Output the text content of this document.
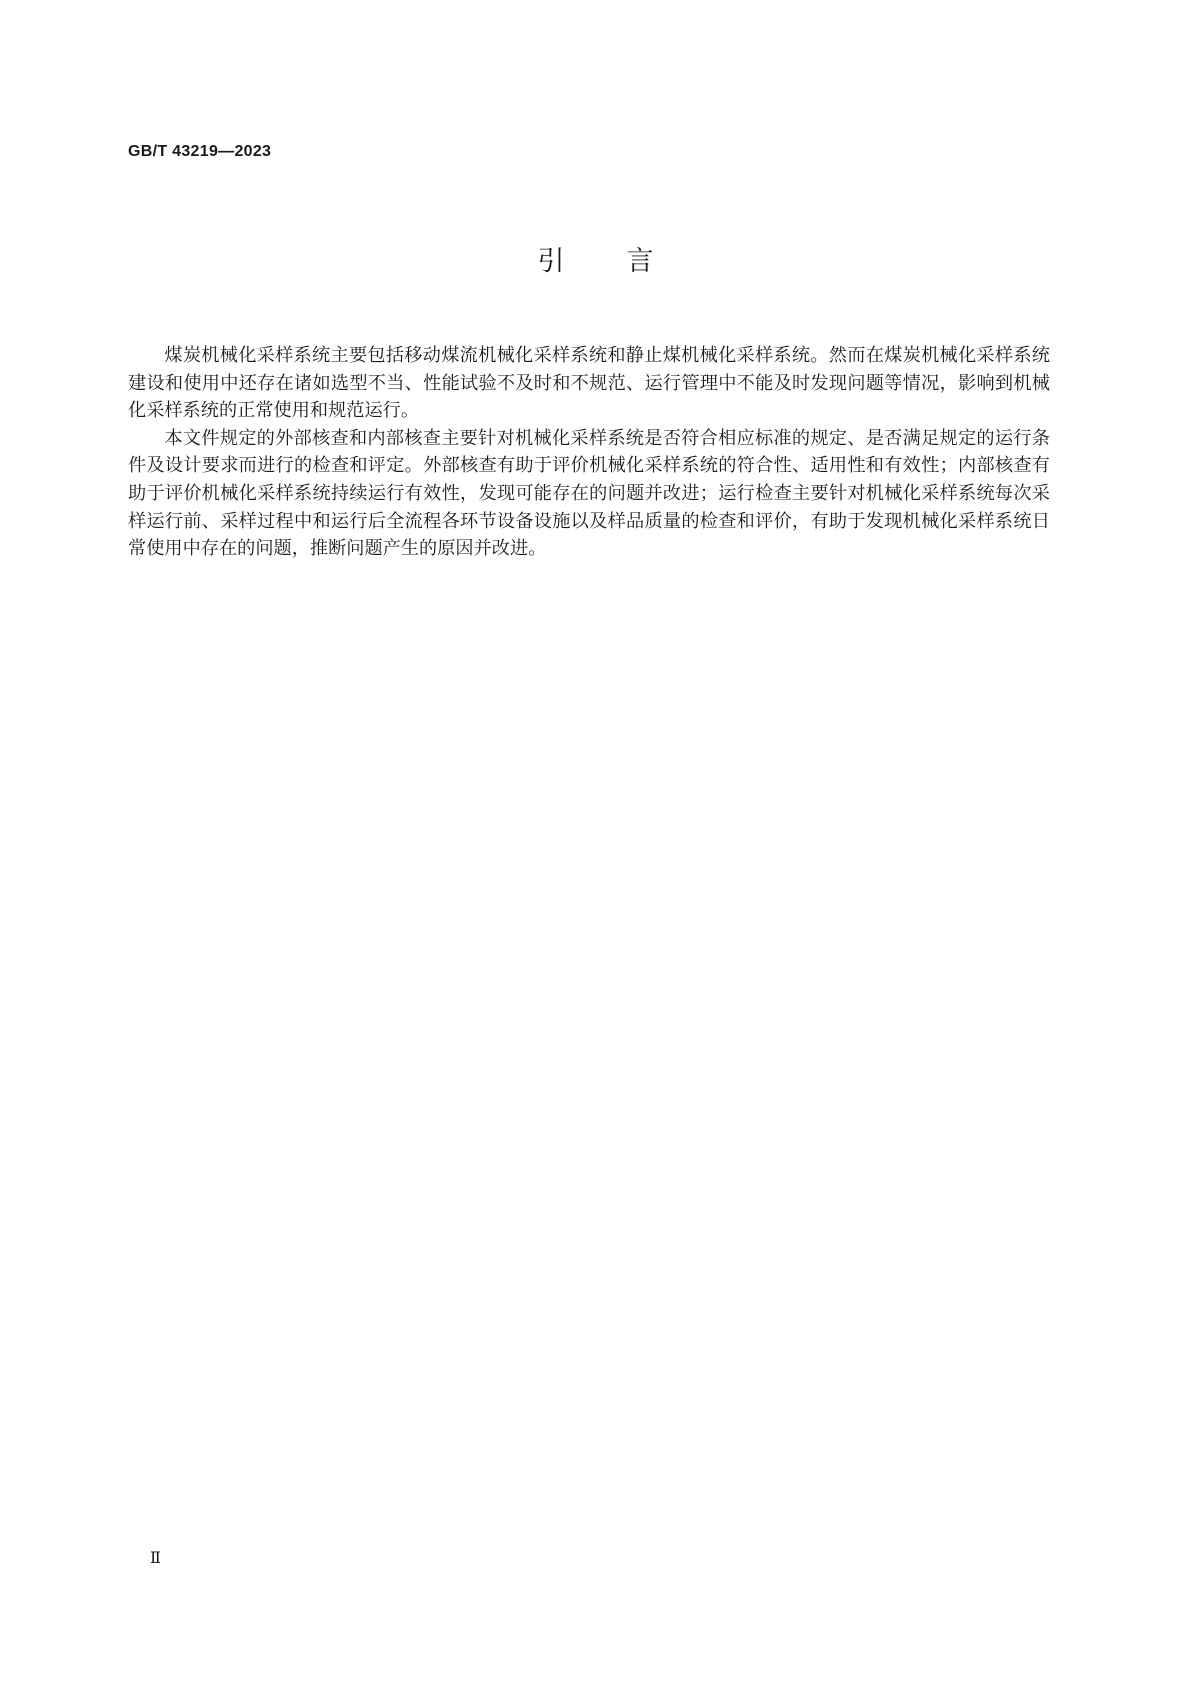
GB/T 43219—2023
引言

煤炭机械化采样系统主要包括移动煤流机械化采样系统和静止煤机械化采样系统。然而在煤炭机械化采样系统建设和使用中还存在诸如选型不当、性能试验不及时和不规范、运行管理中不能及时发现问题等情况，影响到机械化采样系统的正常使用和规范运行。

本文件规定的外部核查和内部核查主要针对机械化采样系统是否符合相应标准的规定、是否满足规定的运行条件及设计要求而进行的检查和评定。外部核查有助于评价机械化采样系统的符合性、适用性和有效性；内部核查有助于评价机械化采样系统持续运行有效性，发现可能存在的问题并改进；运行检查主要针对机械化采样系统每次采样运行前、采样过程中和运行后全流程各环节设备设施以及样品质量的检查和评价，有助于发现机械化采样系统日常使用中存在的问题，推断问题产生的原因并改进。

Ⅱ
